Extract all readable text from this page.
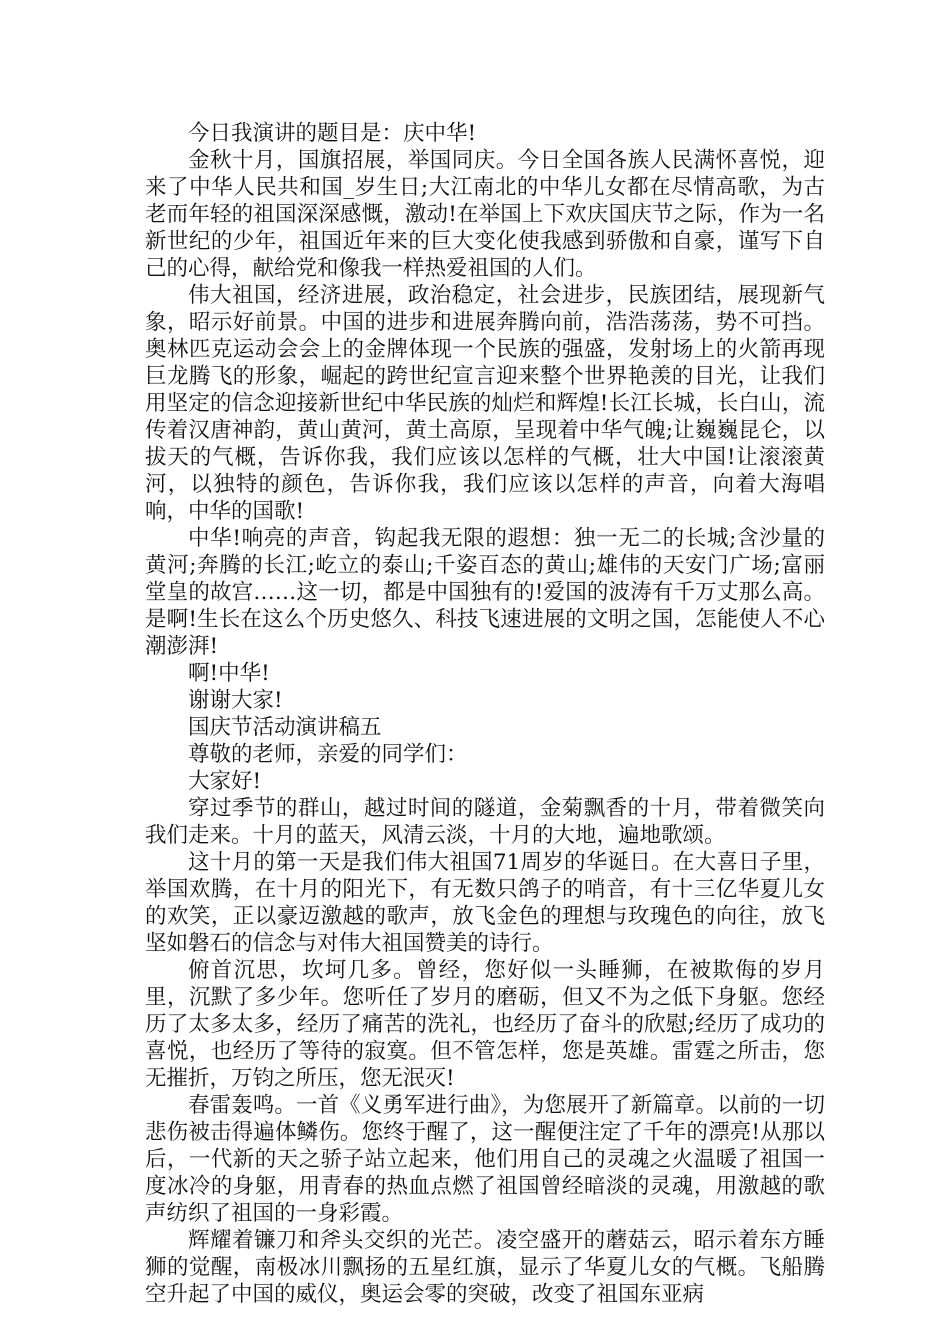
今日我演讲的题目是：庆中华!

金秋十月，国旗招展，举国同庆。今日全国各族人民满怀喜悦，迎来了中华人民共和国_岁生日;大江南北的中华儿女都在尽情高歌，为古老而年轻的祖国深深感慨，激动!在举国上下欢庆国庆节之际，作为一名新世纪的少年，祖国近年来的巨大变化使我感到骄傲和自豪，谨写下自己的心得，献给党和像我一样热爱祖国的人们。

伟大祖国，经济进展，政治稳定，社会进步，民族团结，展现新气象，昭示好前景。中国的进步和进展奔腾向前，浩浩荡荡，势不可挡。奥林匹克运动会会上的金牌体现一个民族的强盛，发射场上的火箭再现巨龙腾飞的形象，崛起的跨世纪宣言迎来整个世界艳羡的目光，让我们用坚定的信念迎接新世纪中华民族的灿烂和辉煌!长江长城，长白山，流传着汉唐神韵，黄山黄河，黄土高原，呈现着中华气魄;让巍巍昆仑，以拔天的气概，告诉你我，我们应该以怎样的气概，壮大中国!让滚滚黄河，以独特的颜色，告诉你我，我们应该以怎样的声音，向着大海唱响，中华的国歌!

中华!响亮的声音，钩起我无限的遐想：独一无二的长城;含沙量的黄河;奔腾的长江;屹立的泰山;千姿百态的黄山;雄伟的天安门广场;富丽堂皇的故宫……这一切，都是中国独有的!爱国的波涛有千万丈那么高。是啊!生长在这么个历史悠久、科技飞速进展的文明之国，怎能使人不心潮澎湃!

啊!中华!

谢谢大家!

国庆节活动演讲稿五

尊敬的老师，亲爱的同学们：

大家好!

穿过季节的群山，越过时间的隧道，金菊飘香的十月，带着微笑向我们走来。十月的蓝天，风清云淡，十月的大地，遍地歌颂。

这十月的第一天是我们伟大祖国71周岁的华诞日。在大喜日子里，举国欢腾，在十月的阳光下，有无数只鸽子的哨音，有十三亿华夏儿女的欢笑，正以豪迈激越的歌声，放飞金色的理想与玫瑰色的向往，放飞坚如磐石的信念与对伟大祖国赞美的诗行。

俯首沉思，坎坷几多。曾经，您好似一头睡狮，在被欺侮的岁月里，沉默了多少年。您听任了岁月的磨砺，但又不为之低下身躯。您经历了太多太多，经历了痛苦的洗礼，也经历了奋斗的欣慰;经历了成功的喜悦，也经历了等待的寂寞。但不管怎样，您是英雄。雷霆之所击，您无摧折，万钧之所压，您无泯灭!

春雷轰鸣。一首《义勇军进行曲》，为您展开了新篇章。以前的一切悲伤被击得遍体鳞伤。您终于醒了，这一醒便注定了千年的漂亮!从那以后，一代新的天之骄子站立起来，他们用自己的灵魂之火温暖了祖国一度冰冷的身躯，用青春的热血点燃了祖国曾经暗淡的灵魂，用激越的歌声纺织了祖国的一身彩霞。

辉耀着镰刀和斧头交织的光芒。凌空盛开的蘑菇云，昭示着东方睡狮的觉醒，南极冰川飘扬的五星红旗，显示了华夏儿女的气概。飞船腾空升起了中国的威仪，奥运会零的突破，改变了祖国东亚病
